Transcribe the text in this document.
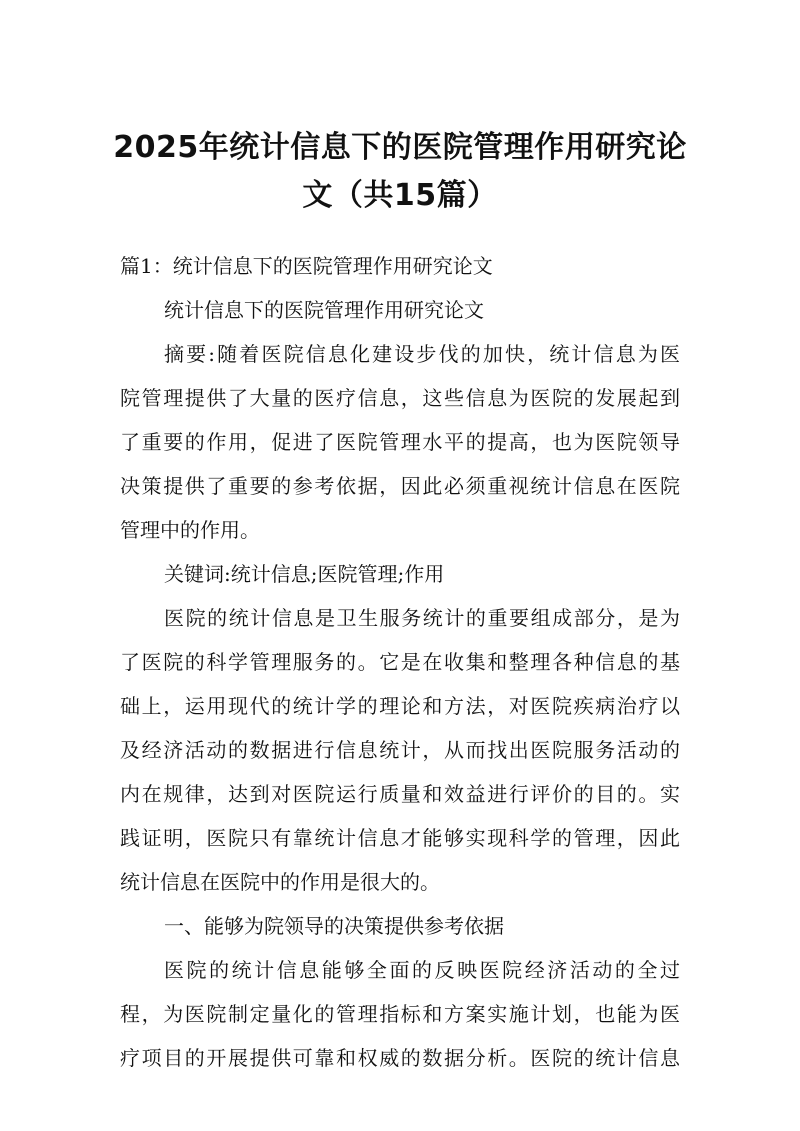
2025年统计信息下的医院管理作用研究论
文（共15篇）
篇1：统计信息下的医院管理作用研究论文
统计信息下的医院管理作用研究论文
摘要:随着医院信息化建设步伐的加快，统计信息为医
院管理提供了大量的医疗信息，这些信息为医院的发展起到
了重要的作用，促进了医院管理水平的提高，也为医院领导
决策提供了重要的参考依据，因此必须重视统计信息在医院
管理中的作用。
关键词:统计信息;医院管理;作用
医院的统计信息是卫生服务统计的重要组成部分，是为
了医院的科学管理服务的。它是在收集和整理各种信息的基
础上，运用现代的统计学的理论和方法，对医院疾病治疗以
及经济活动的数据进行信息统计，从而找出医院服务活动的
内在规律，达到对医院运行质量和效益进行评价的目的。实
践证明，医院只有靠统计信息才能够实现科学的管理，因此
统计信息在医院中的作用是很大的。
一、能够为院领导的决策提供参考依据
医院的统计信息能够全面的反映医院经济活动的全过
程，为医院制定量化的管理指标和方案实施计划，也能为医
疗项目的开展提供可靠和权威的数据分析。医院的统计信息
